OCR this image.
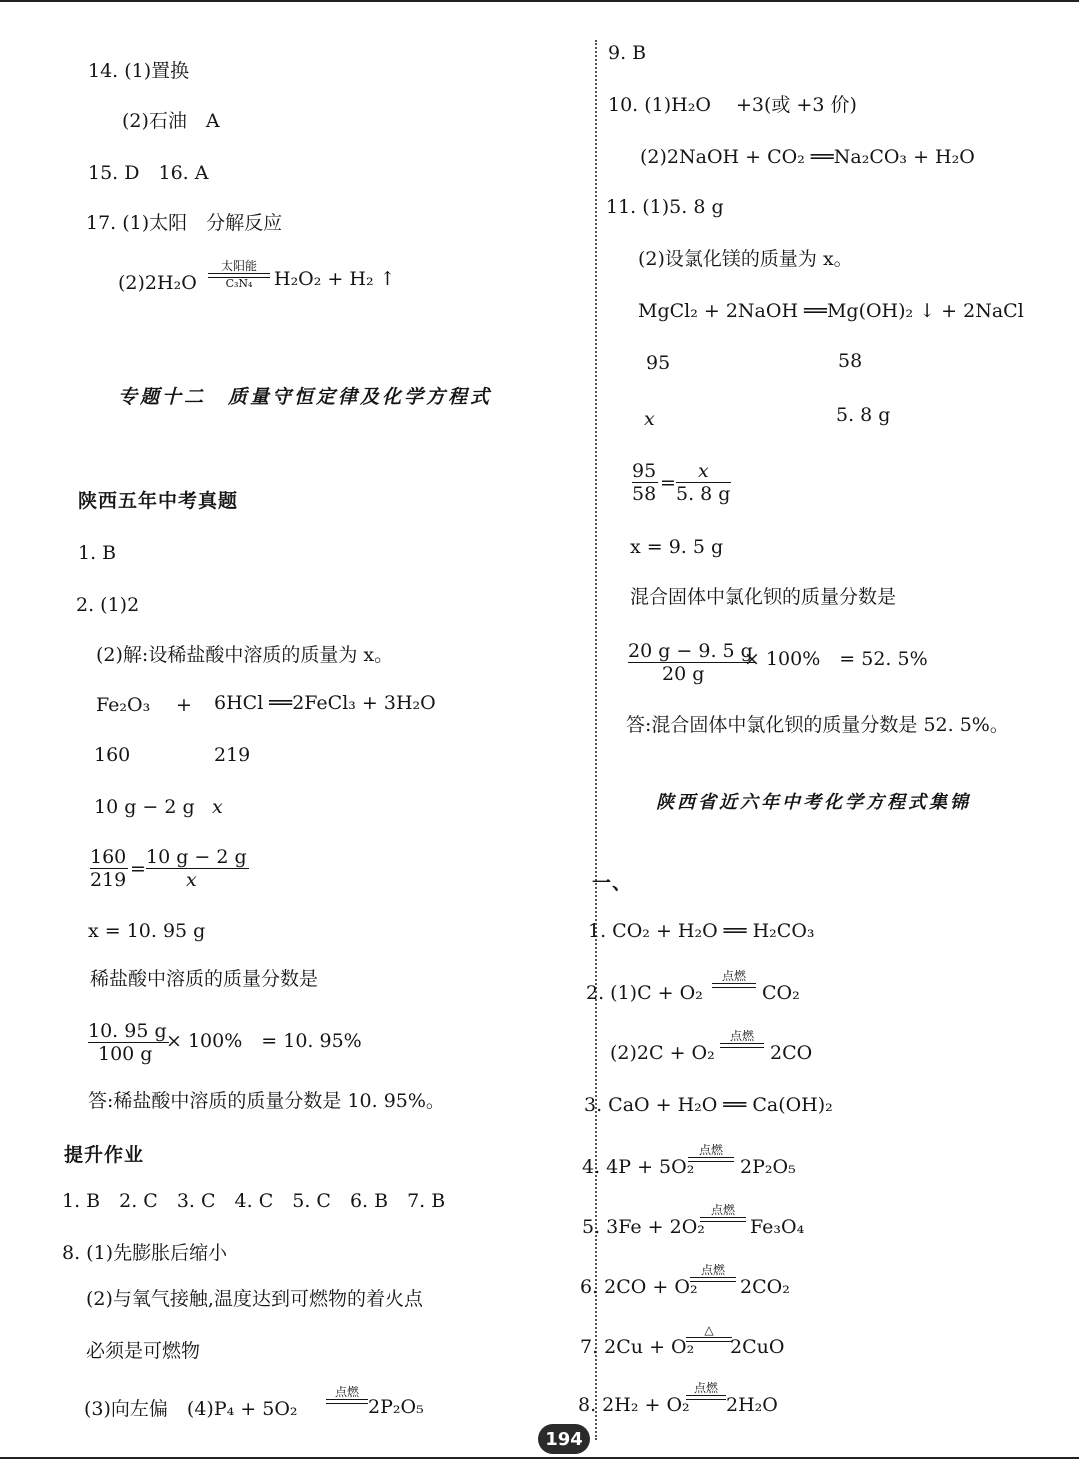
14. (1)置换
(2)石油　A
15. D　16. A
17. (1)太阳　分解反应
(2)2H₂O
太阳能
C₃N₄ H₂O₂ + H₂ ↑
专题十二　质量守恒定律及化学方程式
陕西五年中考真题
1. B
2. (1)2
(2)解:设稀盐酸中溶质的质量为 x。
Fe₂O₃ + 6HCl ══2FeCl₃ + 3H₂O
160	219
10 g − 2 g x
$\frac{160}{219} = \frac{10 g - 2 g}{x}$
x = 10. 95 g
稀盐酸中溶质的质量分数是
$\frac{10. 95 g}{100 g}$
× 100%　= 10. 95%
答:稀盐酸中溶质的质量分数是 10. 95%。
提升作业
1. B　2. C　3. C　4. C　5. C　6. B　7. B
8. (1)先膨胀后缩小
(2)与氧气接触,温度达到可燃物的着火点
必须是可燃物
(3)向左偏　(4)P₄ + 5O₂
点燃
2P₂O₅
9. B
10. (1)H₂O　 +3(或 +3 价)
(2)2NaOH + CO₂ ══Na₂CO₃ + H₂O
11. (1)5. 8 g
(2)设氯化镁的质量为 x。
MgCl₂ + 2NaOH ══Mg(OH)₂ ↓ + 2NaCl
95	58
x	5. 8 g
$\frac{95}{58} = \frac{x}{5. 8 g}$
x = 9. 5 g
混合固体中氯化钡的质量分数是
$\frac{20 g - 9. 5 g}{20 g}$
× 100%　= 52. 5%
答:混合固体中氯化钡的质量分数是 52. 5%。
陕西省近六年中考化学方程式集锦
一、
1. CO₂ + H₂O ══ H₂CO₃
2. (1)C + O₂
点燃
CO₂
(2)2C + O₂
点燃
2CO
3. CaO + H₂O ══ Ca(OH)₂
4. 4P + 5O₂
点燃
2P₂O₅
5. 3Fe + 2O₂
点燃
Fe₃O₄
6. 2CO + O₂
点燃
2CO₂
7. 2Cu + O₂
△
2CuO
8. 2H₂ + O₂
点燃
2H₂O
194
